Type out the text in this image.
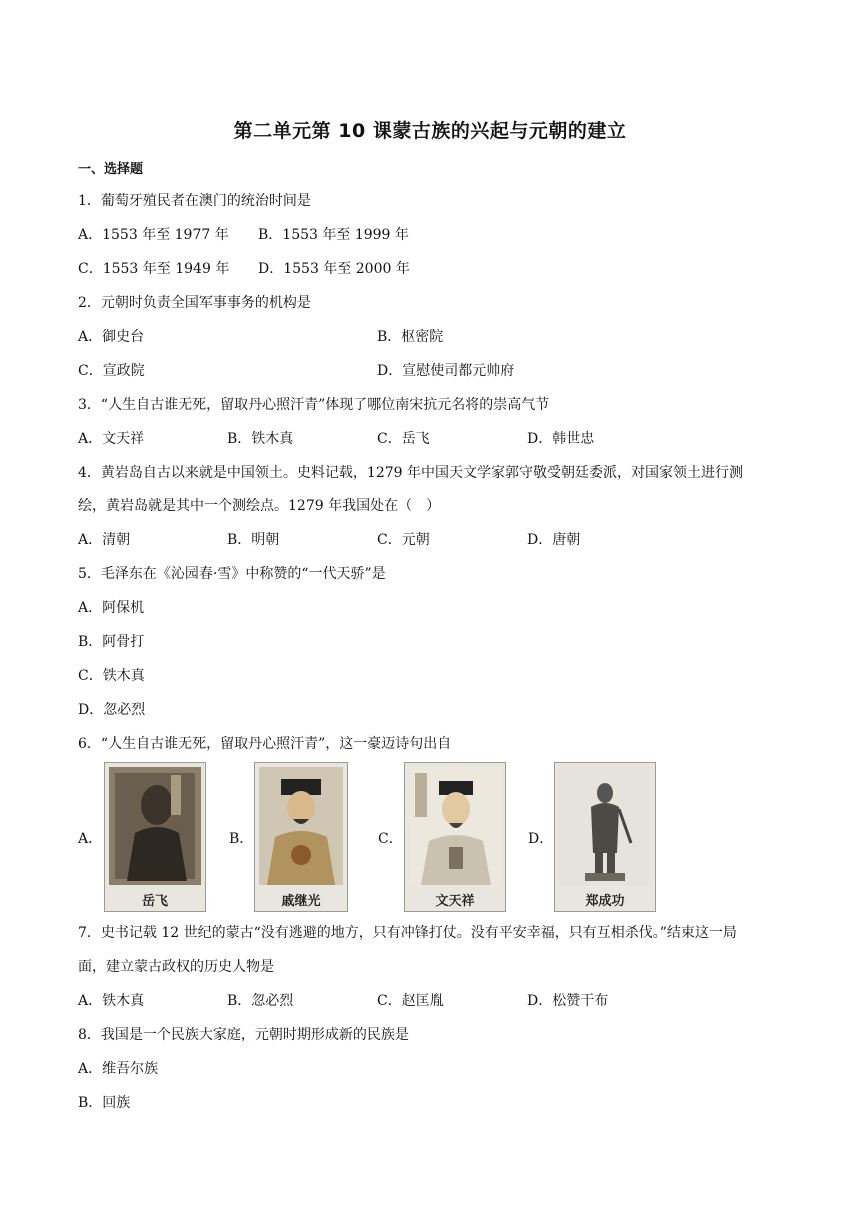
第二单元第 10 课蒙古族的兴起与元朝的建立
一、选择题
1．葡萄牙殖民者在澳门的统治时间是
A．1553 年至 1977 年 B．1553 年至 1999 年
C．1553 年至 1949 年 D．1553 年至 2000 年
2．元朝时负责全国军事事务的机构是
A．御史台	B．枢密院
C．宣政院	D．宣慰使司都元帅府
3．“人生自古谁无死，留取丹心照汗青”体现了哪位南宋抗元名将的崇高气节
A．文天祥	B．铁木真	C．岳飞	D．韩世忠
4．黄岩岛自古以来就是中国领土。史料记载，1279 年中国天文学家郭守敬受朝廷委派，对国家领土进行测
绘，黄岩岛就是其中一个测绘点。1279 年我国处在（　）
A．清朝	B．明朝	C．元朝	D．唐朝
5．毛泽东在《沁园春·雪》中称赞的“一代天骄”是
A．阿保机
B．阿骨打
C．铁木真
D．忽必烈
6．“人生自古谁无死，留取丹心照汗青”，这一豪迈诗句出自
A．
岳飞
B．
戚继光
C．
文天祥
D．
郑成功
7．史书记载 12 世纪的蒙古“没有逃避的地方，只有冲锋打仗。没有平安幸福，只有互相杀伐。”结束这一局
面，建立蒙古政权的历史人物是
A．铁木真	B．忽必烈	C．赵匡胤	D．松赞干布
8．我国是一个民族大家庭，元朝时期形成新的民族是
A．维吾尔族
B．回族
